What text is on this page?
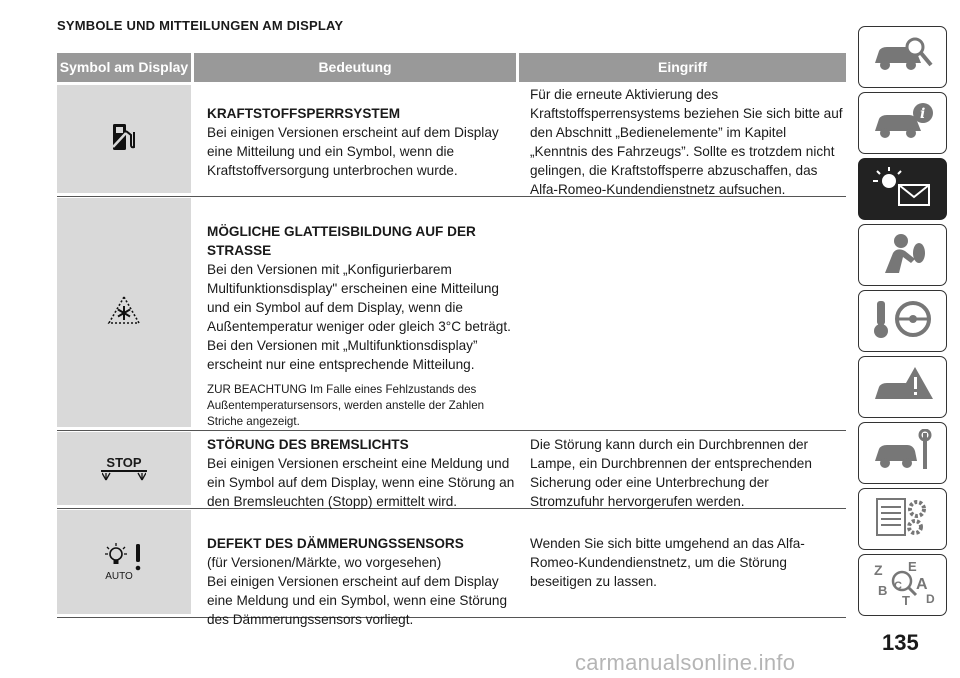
SYMBOLE UND MITTEILUNGEN AM DISPLAY
Symbol am Display	Bedeutung	Eingriff
KRAFTSTOFFSPERRSYSTEM
Bei einigen Versionen erscheint auf dem Display eine Mitteilung und ein Symbol, wenn die Kraftstoffversorgung unterbrochen wurde.
Für die erneute Aktivierung des Kraftstoffsperrensystems beziehen Sie sich bitte auf den Abschnitt „Bedienelemente” im Kapitel „Kenntnis des Fahrzeugs”. Sollte es trotzdem nicht gelingen, die Kraftstoffsperre abzuschaffen, das Alfa-Romeo-Kundendienstnetz aufsuchen.

MÖGLICHE GLATTEISBILDUNG AUF DER STRASSE
Bei den Versionen mit „Konfigurierbarem Multifunktionsdisplay" erscheinen eine Mitteilung und ein Symbol auf dem Display, wenn die Außentemperatur weniger oder gleich 3°C beträgt.
Bei den Versionen mit „Multifunktionsdisplay” erscheint nur eine entsprechende Mitteilung.

ZUR BEACHTUNG Im Falle eines Fehlzustands des Außentemperatursensors, werden anstelle der Zahlen Striche angezeigt.

STOP
STÖRUNG DES BREMSLICHTS
Bei einigen Versionen erscheint eine Meldung und ein Symbol auf dem Display, wenn eine Störung an den Bremsleuchten (Stopp) ermittelt wird.
Die Störung kann durch ein Durchbrennen der Lampe, ein Durchbrennen der entsprechenden Sicherung oder eine Unterbrechung der Stromzufuhr hervorgerufen werden.
AUTO

DEFEKT DES DÄMMERUNGSSENSORS
(für Versionen/Märkte, wo vorgesehen)
Bei einigen Versionen erscheint auf dem Display eine Meldung und ein Symbol, wenn eine Störung des Dämmerungssensors vorliegt.

Wenden Sie sich bitte umgehend an das Alfa-Romeo-Kundendienstnetz, um die Störung beseitigen zu lassen.
i
Z E
B A
C
D
T
135
carmanualsonline.info
